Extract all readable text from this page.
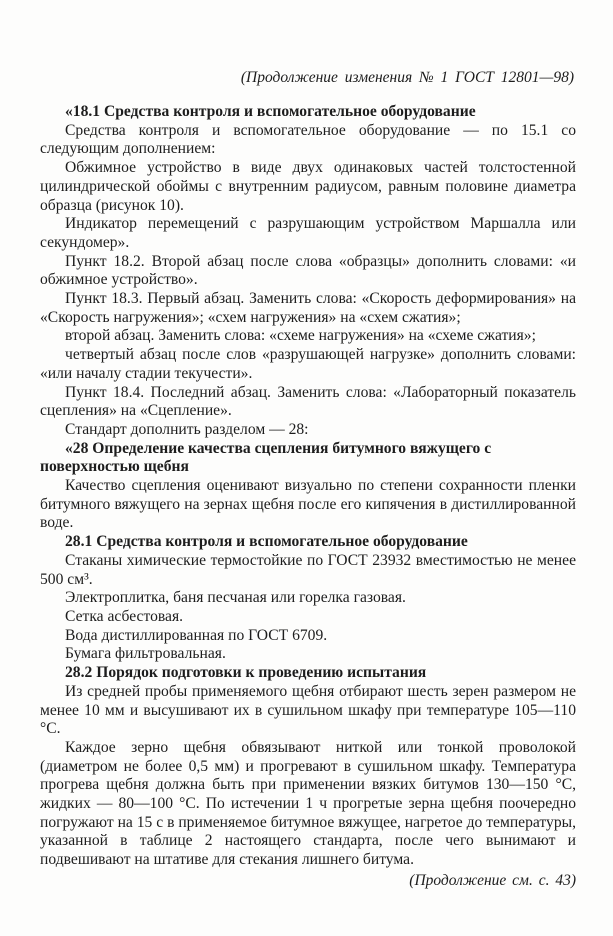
(Продолжение изменения № 1 ГОСТ 12801—98)

«18.1 Средства контроля и вспомогательное оборудование

Средства контроля и вспомогательное оборудование — по 15.1 со следующим дополнением:

Обжимное устройство в виде двух одинаковых частей толстостенной цилиндрической обоймы с внутренним радиусом, равным половине диаметра образца (рисунок 10).

Индикатор перемещений с разрушающим устройством Маршалла или секундомер».

Пункт 18.2. Второй абзац после слова «образцы» дополнить словами: «и обжимное устройство».

Пункт 18.3. Первый абзац. Заменить слова: «Скорость деформирования» на «Скорость нагружения»; «схем нагружения» на «схем сжатия»;

второй абзац. Заменить слова: «схеме нагружения» на «схеме сжатия»;

четвертый абзац после слов «разрушающей нагрузке» дополнить словами: «или началу стадии текучести».

Пункт 18.4. Последний абзац. Заменить слова: «Лабораторный показатель сцепления» на «Сцепление».

Стандарт дополнить разделом — 28:

«28 Определение качества сцепления битумного вяжущего с поверхностью щебня

Качество сцепления оценивают визуально по степени сохранности пленки битумного вяжущего на зернах щебня после его кипячения в дистиллированной воде.

28.1 Средства контроля и вспомогательное оборудование

Стаканы химические термостойкие по ГОСТ 23932 вместимостью не менее 500 см³.

Электроплитка, баня песчаная или горелка газовая.

Сетка асбестовая.

Вода дистиллированная по ГОСТ 6709.

Бумага фильтровальная.

28.2 Порядок подготовки к проведению испытания

Из средней пробы применяемого щебня отбирают шесть зерен размером не менее 10 мм и высушивают их в сушильном шкафу при температуре 105—110 °С.

Каждое зерно щебня обвязывают ниткой или тонкой проволокой (диаметром не более 0,5 мм) и прогревают в сушильном шкафу. Температура прогрева щебня должна быть при применении вязких битумов 130—150 °С, жидких — 80—100 °С. По истечении 1 ч прогретые зерна щебня поочередно погружают на 15 с в применяемое битумное вяжущее, нагретое до температуры, указанной в таблице 2 настоящего стандарта, после чего вынимают и подвешивают на штативе для стекания лишнего битума.

(Продолжение см. с. 43)
